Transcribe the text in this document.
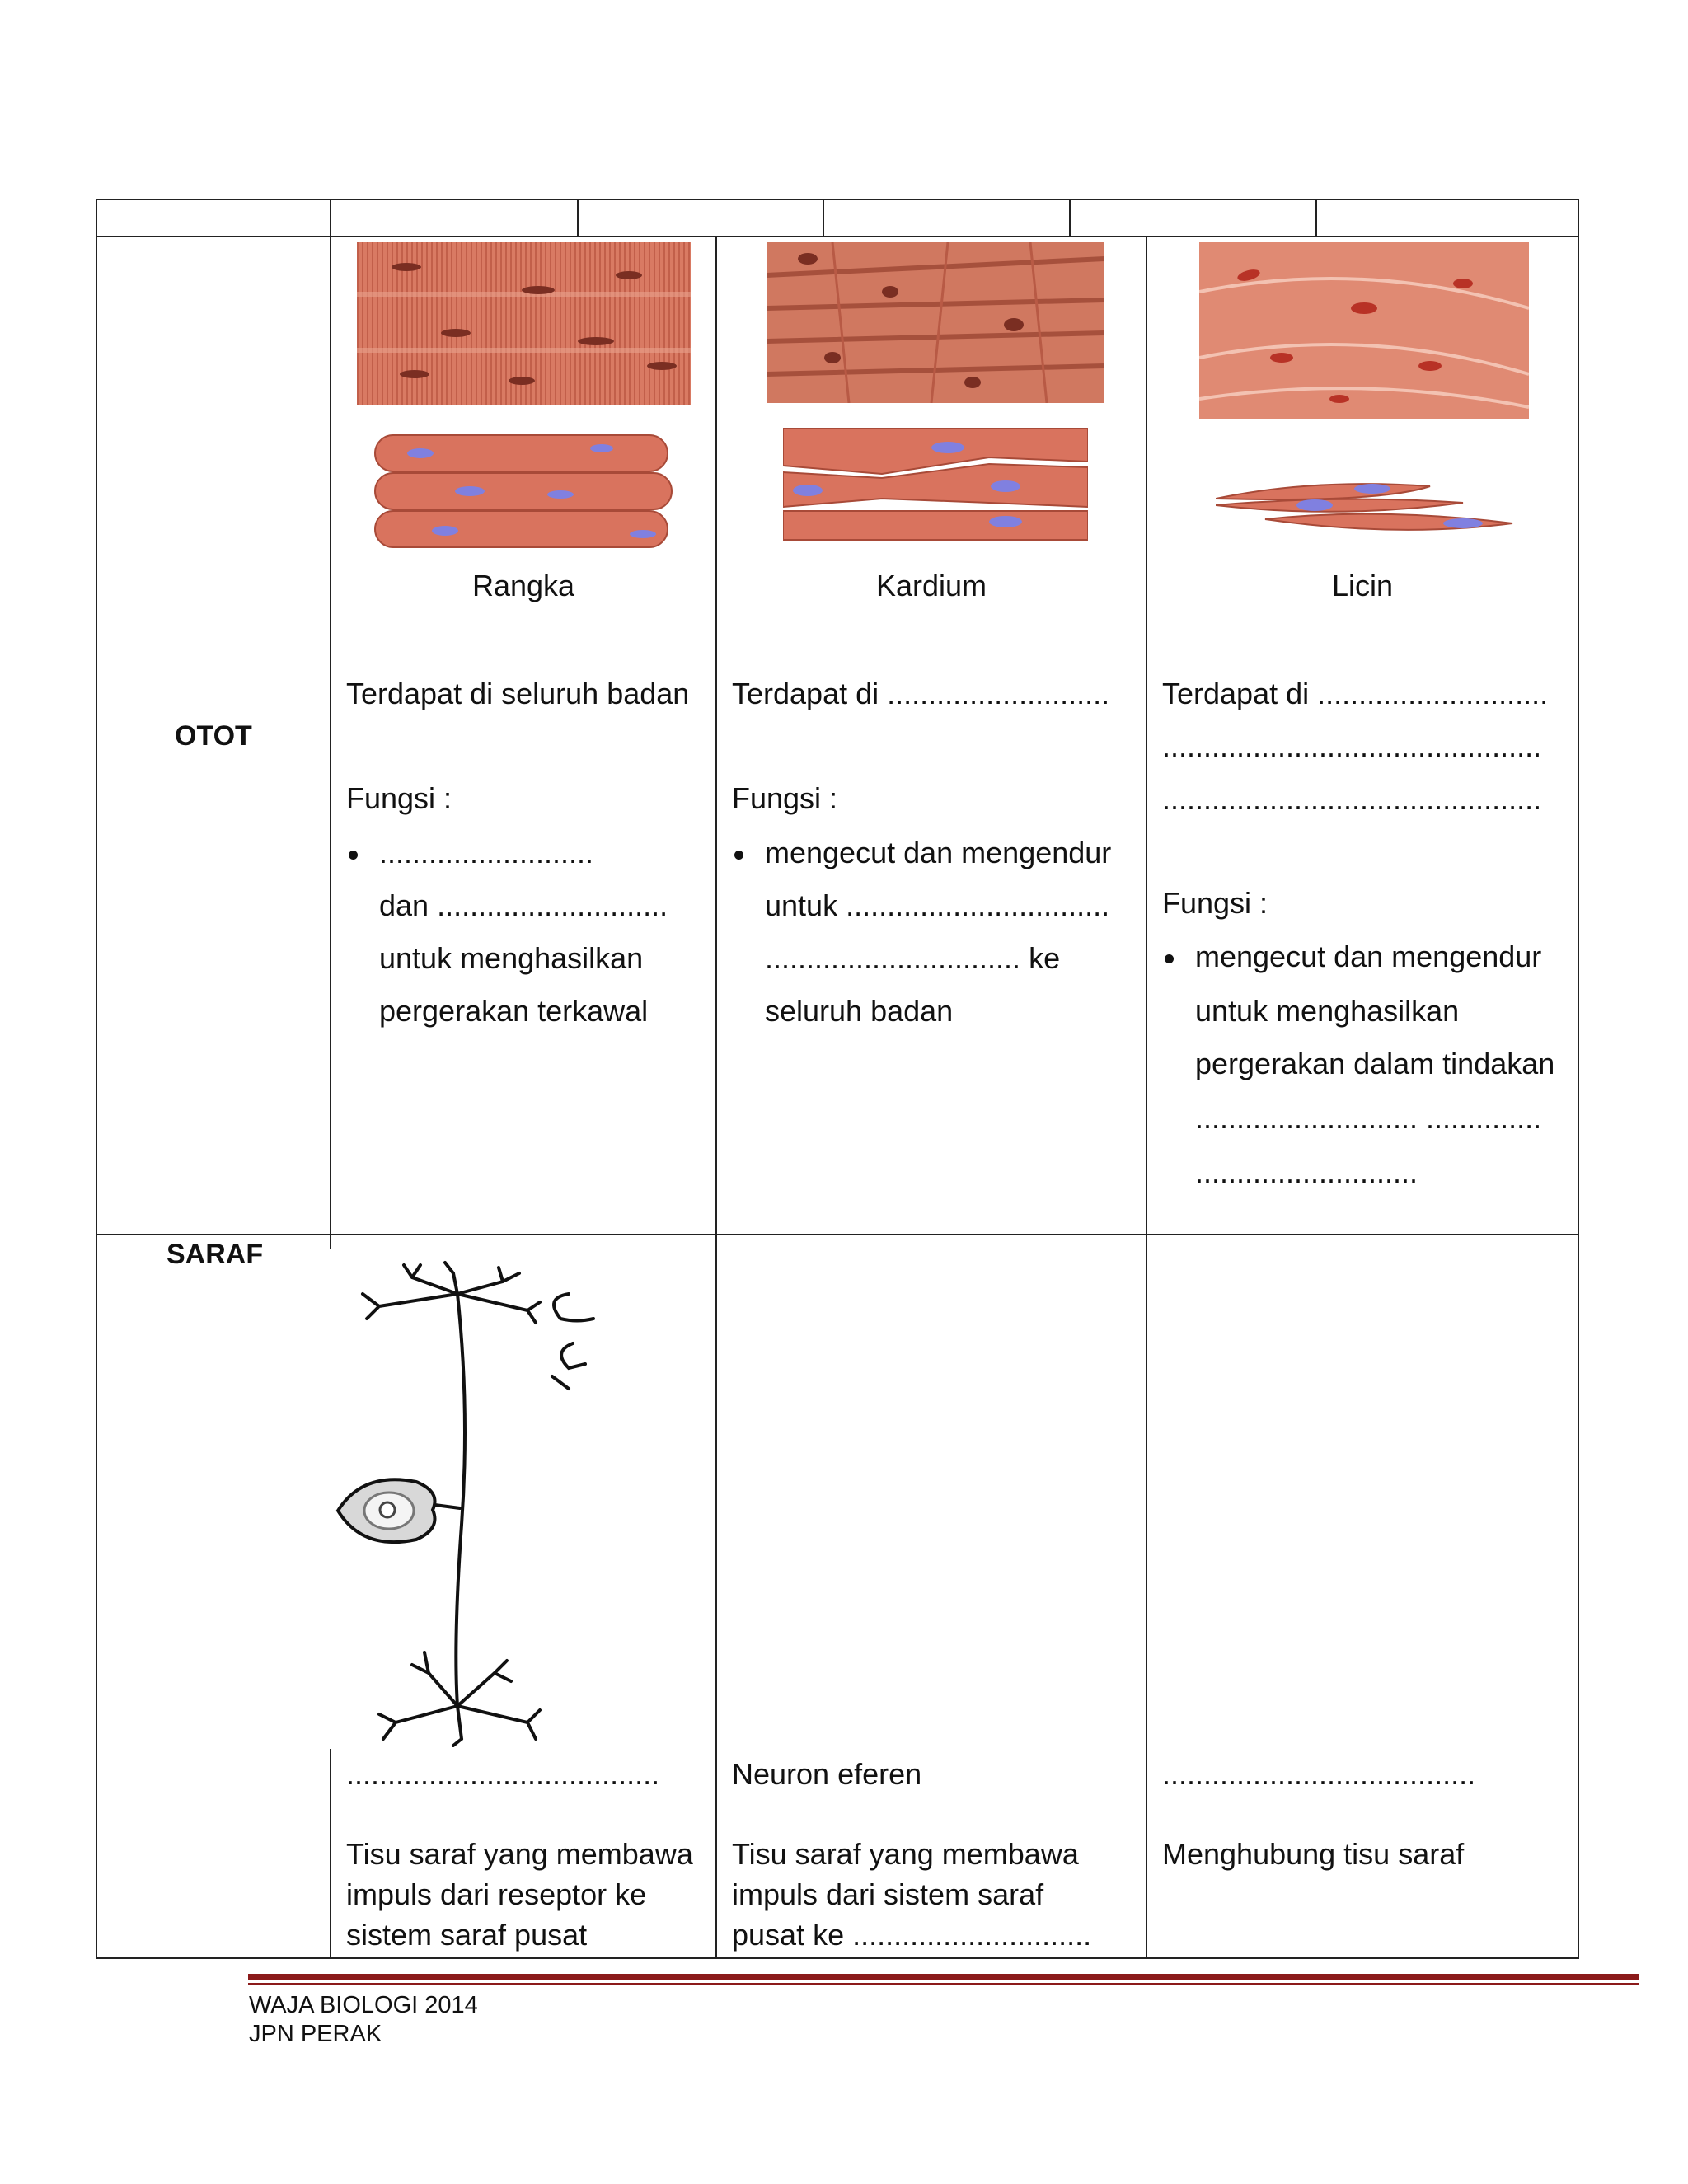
OTOT
SARAF
Rangka	Kardium	Licin
Terdapat di seluruh badan
Fungsi :
..........................
dan ............................
untuk menghasilkan
pergerakan terkawal
Terdapat di ...........................
Fungsi :
mengecut dan mengendur
untuk ................................
............................... ke
seluruh badan
Terdapat di ............................
..............................................
..............................................
Fungsi :
mengecut dan mengendur
untuk menghasilkan
pergerakan dalam tindakan
........................... ..............
...........................
......................................
Tisu saraf yang membawa
impuls dari reseptor ke
sistem saraf pusat
Neuron eferen
Tisu saraf yang membawa
impuls dari sistem saraf
pusat ke .............................
......................................
Menghubung tisu saraf
WAJA BIOLOGI 2014
JPN PERAK
